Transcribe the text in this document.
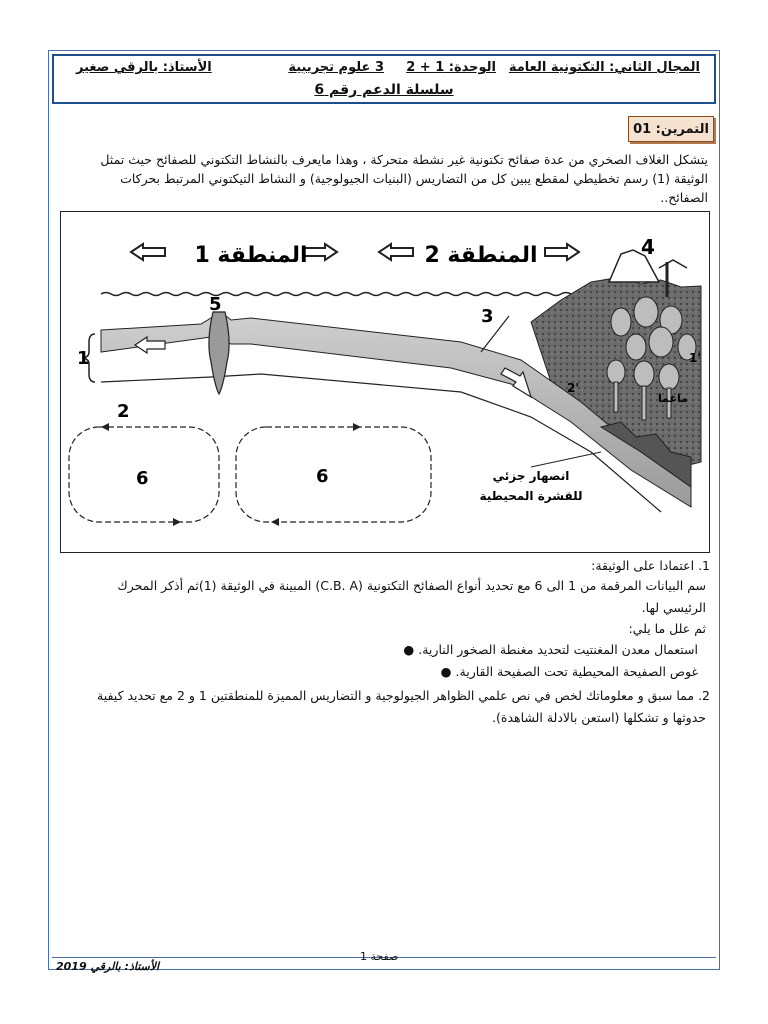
المجال الثاني: التكتونية العامة
الوحدة: 1 + 2
3 علوم تجريبية
الأستاذ: بالرقي صغير
سلسلة الدعم رقم 6
التمرين: 01
يتشكل الغلاف الصخري من عدة صفائح تكتونية غير نشطة متحركة ، وهذا مايعرف بالنشاط التكتوني للصفائح حيث تمثل الوثيقة (1) رسم تخطيطي لمقطع يبين كل من التضاريس (البنيات الجيولوجية) و النشاط التيكتوني المرتبط بحركات الصفائح..
المنطقة 1	المنطقة 2
1
2
3
4
5
6	6
1'
2'
ماغما
انصهار جزئي
للقشرة المحيطية
1. اعتمادا على الوثيقة:
سم البيانات المرقمة من 1 الى 6 مع تحديد أنواع الصفائح التكتونية (C.B. A) المبينة في الوثيقة (1)ثم أذكر المحرك
الرئيسي لها.
ثم علل ما يلي:
استعمال معدن المغنتيت لتحديد مغنطة الصخور النارية. ●
غوص الصفيحة المحيطية تحت الصفيحة القارية. ●
2. مما سبق و معلوماتك لخص في نص علمي الظواهر الجيولوجية و التضاريس المميزة للمنطقتين 1 و 2 مع تحديد كيفية
حدوثها و تشكلها (استعن بالادلة الشاهدة).
صفحة 1
الأستاذ: بالرقي 2019
